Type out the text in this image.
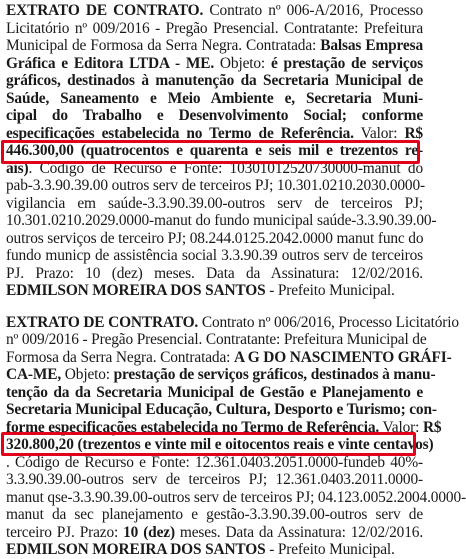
EXTRATO DE CONTRATO. Contrato nº 006-A/2016, Processo
Licitatório nº 009/2016 - Pregão Presencial. Contratante: Prefeitura
Municipal de Formosa da Serra Negra. Contratada: Balsas Empresa
Gráfica e Editora LTDA - ME. Objeto: é prestação de serviços
gráficos, destinados à manutenção da Secretaria Municipal de
Saúde, Saneamento e Meio Ambiente e, Secretaria Muni-
cipal do Trabalho e Desenvolvimento Social; conforme
especificações estabelecida no Termo de Referência. Valor: R$
446.300,00 (quatrocentos e quarenta e seis mil e trezentos re-
ais). Código de Recurso e Fonte: 10301012520730000-manut do
pab-3.3.90.39.00 outros serv de terceiros PJ; 10.301.0210.2030.0000-
vigilancia em saúde-3.3.90.39.00-outros serv de terceiros PJ;
10.301.0210.2029.0000-manut do fundo municipal saúde-3.3.90.39.00-
outros serviços de terceiro PJ; 08.244.0125.2042.0000 manut func do
fundo municp de assistência social 3.3.90.39 outros serv de terceiros
PJ. Prazo: 10 (dez) meses. Data da Assinatura: 12/02/2016.
EDMILSON MOREIRA DOS SANTOS - Prefeito Municipal.
EXTRATO DE CONTRATO. Contrato nº 006/2016, Processo Licitatório
nº 009/2016 - Pregão Presencial. Contratante: Prefeitura Municipal de
Formosa da Serra Negra. Contratada: A G DO NASCIMENTO GRÁFI-
CA-ME, Objeto: prestação de serviços gráficos, destinados à manu-
tenção da da Secretaria Municipal de Gestão e Planejamento e
Secretaria Municipal Educação, Cultura, Desporto e Turismo; con-
forme especificações estabelecida no Termo de Referência. Valor: R$
320.800,20 (trezentos e vinte mil e oitocentos reais e vinte centavos)
. Código de Recurso e Fonte: 12.361.0403.2051.0000-fundeb 40%-
3.3.90.39.00-outros serv de terceiros PJ; 12.361.0403.2011.0000-
manut qse-3.3.90.39.00-outros serv de terceiros PJ; 04.123.0052.2004.0000-
manut da sec planejamento e gestão-3.3.90.39.00-outros serv de
terceiro PJ. Prazo: 10 (dez) meses. Data da Assinatura: 12/02/2016.
EDMILSON MOREIRA DOS SANTOS - Prefeito Municipal.
